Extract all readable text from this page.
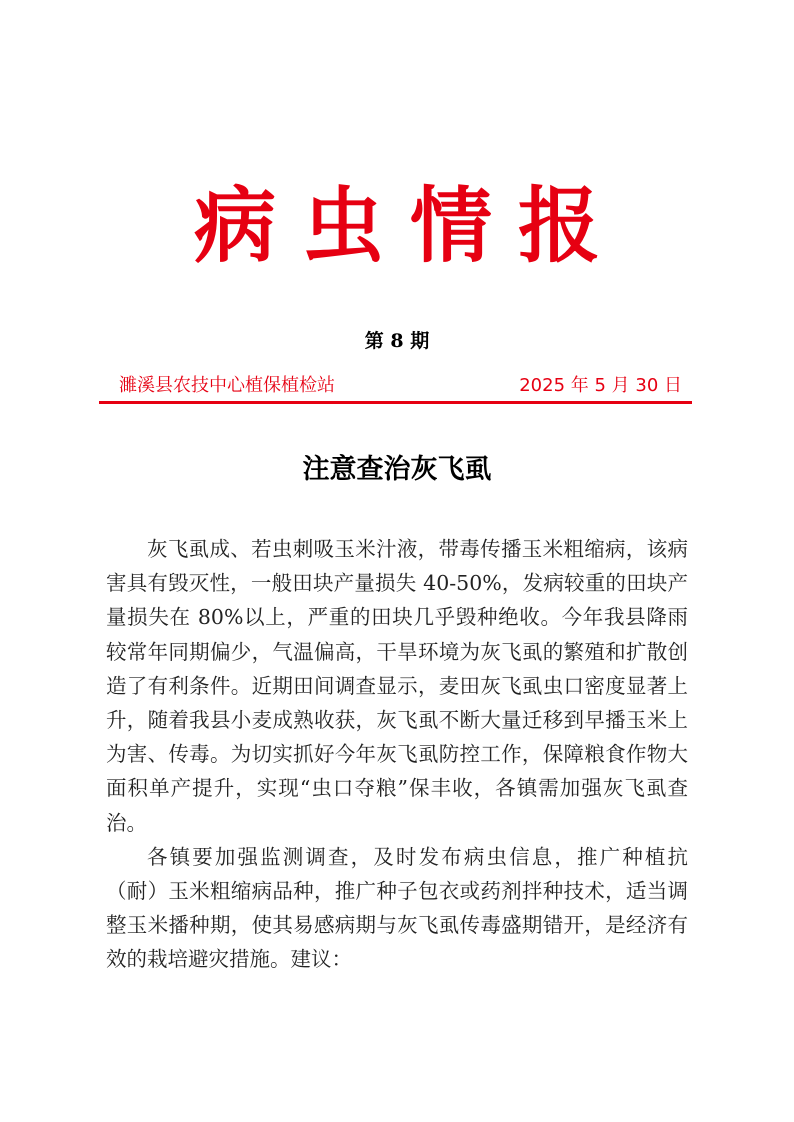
病虫情报
第 8 期
濉溪县农技中心植保植检站	2025 年 5 月 30 日
注意查治灰飞虱

灰飞虱成、若虫刺吸玉米汁液，带毒传播玉米粗缩病，该病害具有毁灭性，一般田块产量损失 40-50%，发病较重的田块产量损失在 80%以上，严重的田块几乎毁种绝收。今年我县降雨较常年同期偏少，气温偏高，干旱环境为灰飞虱的繁殖和扩散创造了有利条件。近期田间调查显示，麦田灰飞虱虫口密度显著上升，随着我县小麦成熟收获，灰飞虱不断大量迁移到早播玉米上为害、传毒。为切实抓好今年灰飞虱防控工作，保障粮食作物大面积单产提升，实现“虫口夺粮”保丰收，各镇需加强灰飞虱查治。

各镇要加强监测调查，及时发布病虫信息，推广种植抗（耐）玉米粗缩病品种，推广种子包衣或药剂拌种技术，适当调整玉米播种期，使其易感病期与灰飞虱传毒盛期错开，是经济有效的栽培避灾措施。建议：
